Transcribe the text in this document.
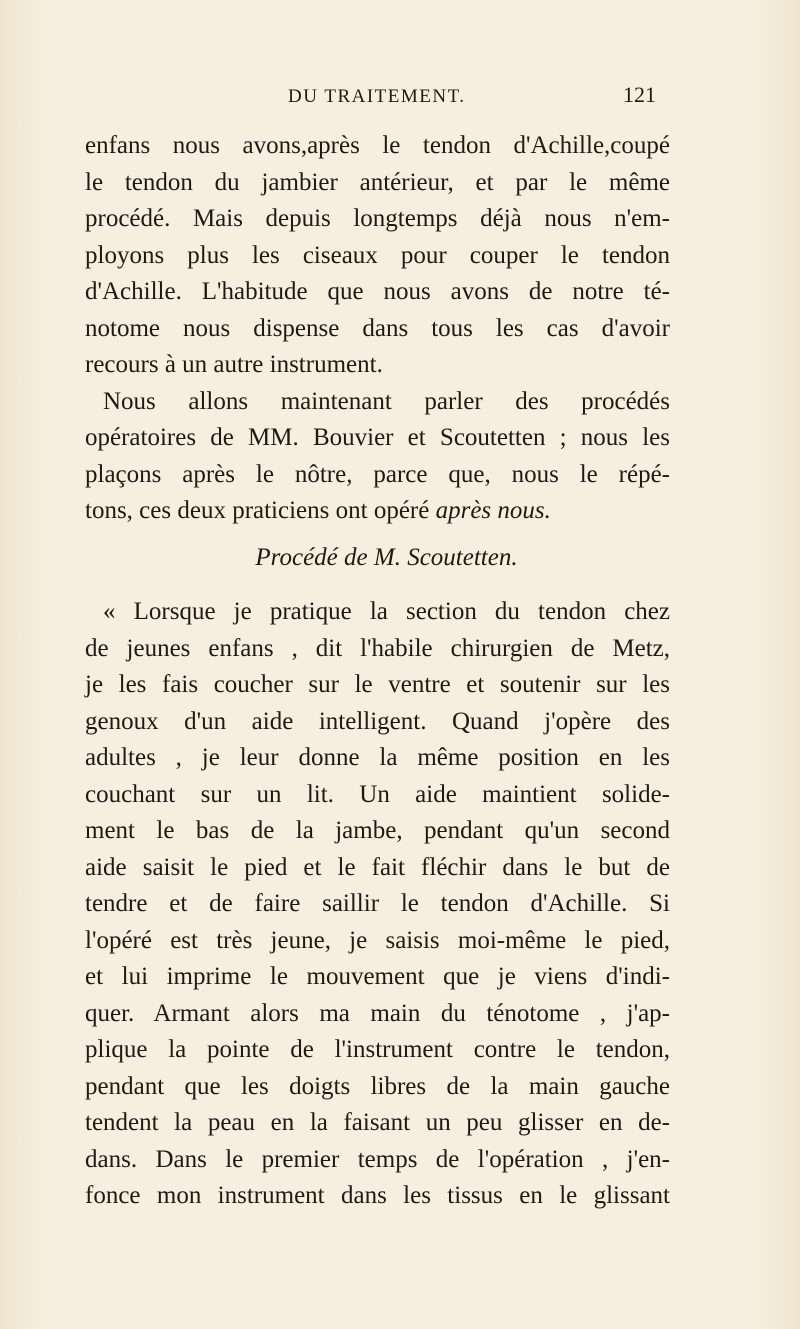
DU TRAITEMENT.	121
enfans nous avons,après le tendon d'Achille,coupé
le tendon du jambier antérieur, et par le même
procédé. Mais depuis longtemps déjà nous n'em-
ployons plus les ciseaux pour couper le tendon
d'Achille. L'habitude que nous avons de notre té-
notome nous dispense dans tous les cas d'avoir
recours à un autre instrument.
Nous allons maintenant parler des procédés
opératoires de MM. Bouvier et Scoutetten ; nous les
plaçons après le nôtre, parce que, nous le répé-
tons, ces deux praticiens ont opéré après nous.
Procédé de M. Scoutetten.
« Lorsque je pratique la section du tendon chez
de jeunes enfans , dit l'habile chirurgien de Metz,
je les fais coucher sur le ventre et soutenir sur les
genoux d'un aide intelligent. Quand j'opère des
adultes , je leur donne la même position en les
couchant sur un lit. Un aide maintient solide-
ment le bas de la jambe, pendant qu'un second
aide saisit le pied et le fait fléchir dans le but de
tendre et de faire saillir le tendon d'Achille. Si
l'opéré est très jeune, je saisis moi-même le pied,
et lui imprime le mouvement que je viens d'indi-
quer. Armant alors ma main du ténotome , j'ap-
plique la pointe de l'instrument contre le tendon,
pendant que les doigts libres de la main gauche
tendent la peau en la faisant un peu glisser en de-
dans. Dans le premier temps de l'opération , j'en-
fonce mon instrument dans les tissus en le glissant
